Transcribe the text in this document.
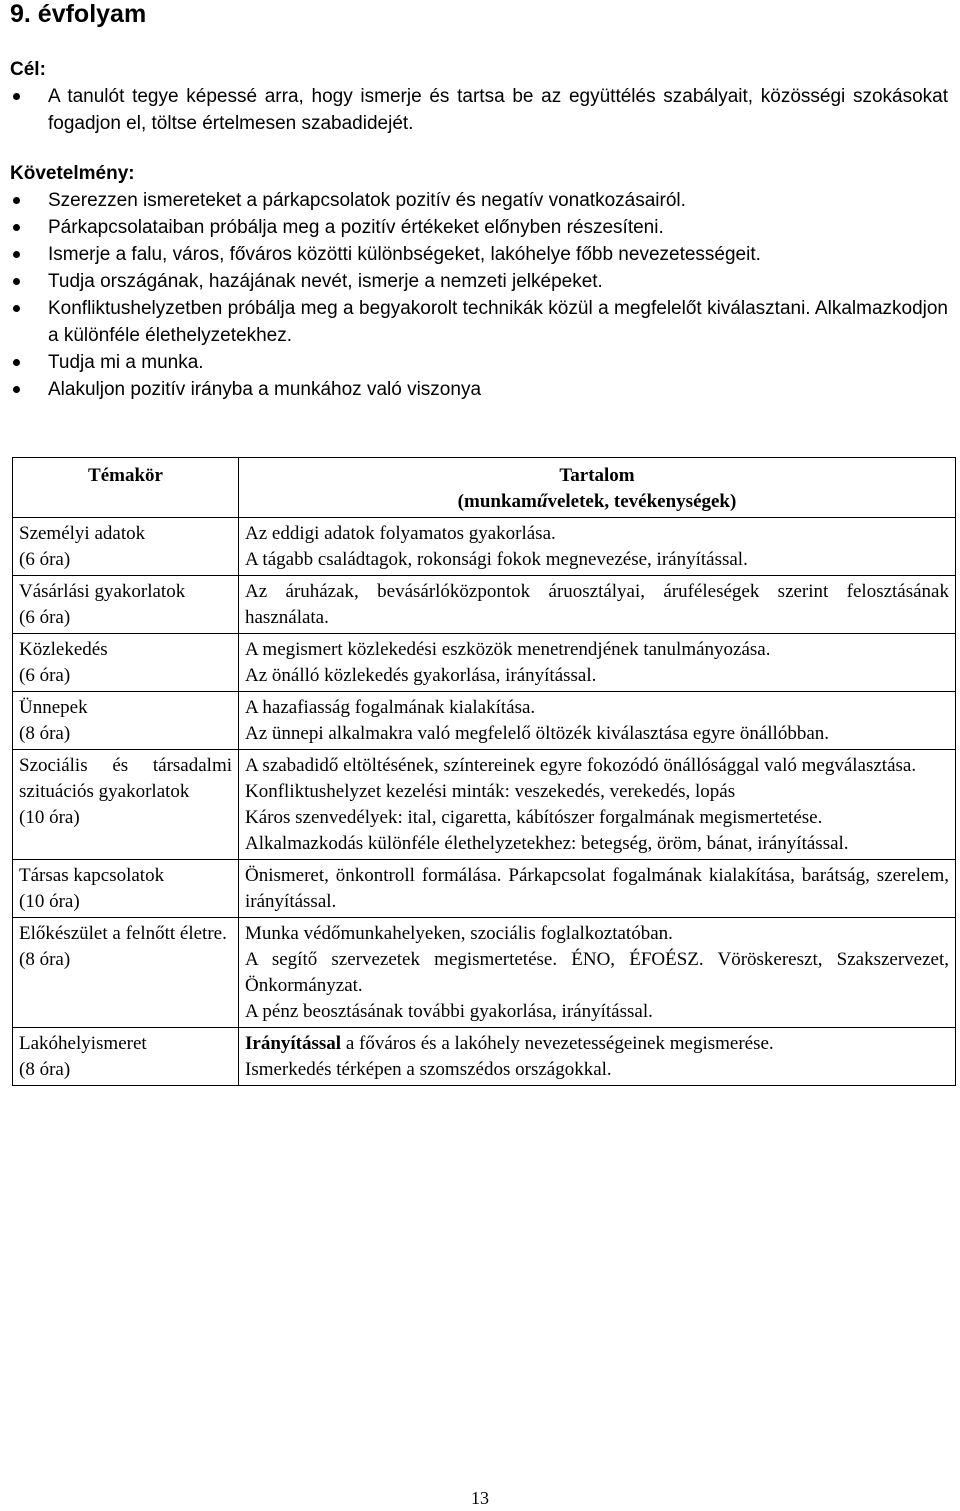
9. évfolyam
Cél:
A tanulót tegye képessé arra, hogy ismerje és tartsa be az együttélés szabályait, közösségi szokásokat fogadjon el, töltse értelmesen szabadidejét.
Követelmény:
Szerezzen ismereteket a párkapcsolatok pozitív és negatív vonatkozásairól.
Párkapcsolataiban próbálja meg a pozitív értékeket előnyben részesíteni.
Ismerje a falu, város, főváros közötti különbségeket, lakóhelye főbb nevezetességeit.
Tudja országának, hazájának nevét, ismerje a nemzeti jelképeket.
Konfliktushelyzetben próbálja meg a begyakorolt technikák közül a megfelelőt kiválasztani. Alkalmazkodjon a különféle élethelyzetekhez.
Tudja mi a munka.
Alakuljon pozitív irányba a munkához való viszonya
Témakör	Tartalom
(munkaműveletek, tevékenységek)

Személyi adatok
(6 óra)	Az eddigi adatok folyamatos gyakorlása.
A tágabb családtagok, rokonsági fokok megnevezése, irányítással.

Vásárlási gyakorlatok
(6 óra)	Az áruházak, bevásárlóközpontok áruosztályai, áruféleségek szerint felosztásának használata.

Közlekedés
(6 óra)	A megismert közlekedési eszközök menetrendjének tanulmányozása.
Az önálló közlekedés gyakorlása, irányítással.

Ünnepek
(8 óra)	A hazafiasság fogalmának kialakítása.
Az ünnepi alkalmakra való megfelelő öltözék kiválasztása egyre önállóbban.

Szociális és társadalmi szituációs gyakorlatok
(10 óra)	A szabadidő eltöltésének, színtereinek egyre fokozódó önállósággal való megválasztása.
Konfliktushelyzet kezelési minták: veszekedés, verekedés, lopás
Káros szenvedélyek: ital, cigaretta, kábítószer forgalmának megismertetése.
Alkalmazkodás különféle élethelyzetekhez: betegség, öröm, bánat, irányítással.

Társas kapcsolatok
(10 óra)	Önismeret, önkontroll formálása. Párkapcsolat fogalmának kialakítása, barátság, szerelem, irányítással.

Előkészület a felnőtt életre.
(8 óra)	Munka védőmunkahelyeken, szociális foglalkoztatóban.
A segítő szervezetek megismertetése. ÉNO, ÉFOÉSZ. Vöröskereszt, Szakszervezet, Önkormányzat.
A pénz beosztásának további gyakorlása, irányítással.

Lakóhelyismeret
(8 óra)	Irányítással a főváros és a lakóhely nevezetességeinek megismerése.
Ismerkedés térképen a szomszédos országokkal.
13
